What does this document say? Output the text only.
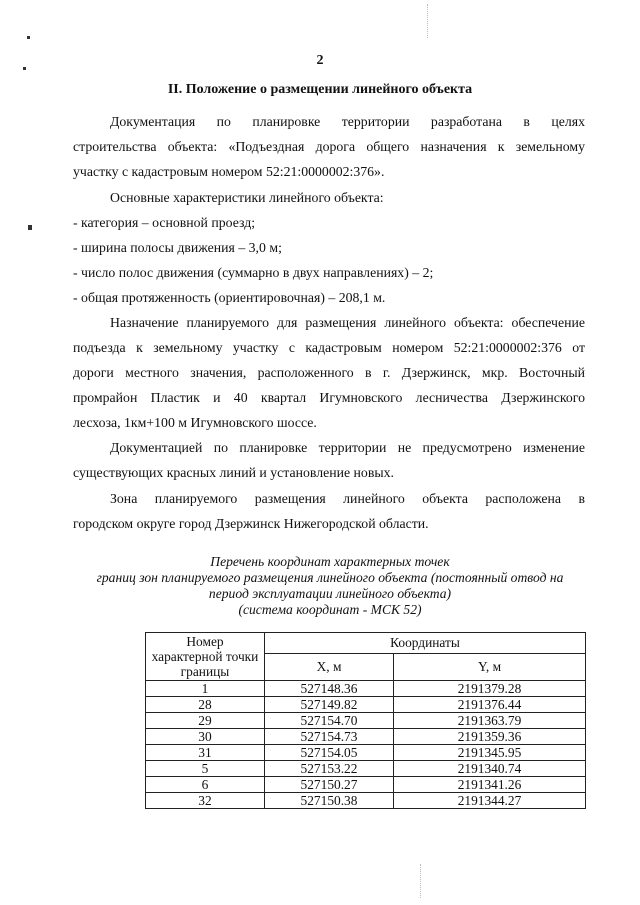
2
II. Положение о размещении линейного объекта
Документация по планировке территории разработана в целях
строительства объекта: «Подъездная дорога общего назначения к земельному
участку с кадастровым номером 52:21:0000002:376».
Основные характеристики линейного объекта:
- категория – основной проезд;
- ширина полосы движения – 3,0 м;
- число полос движения (суммарно в двух направлениях) – 2;
- общая протяженность (ориентировочная) – 208,1 м.
Назначение планируемого для размещения линейного объекта: обеспечение
подъезда к земельному участку с кадастровым номером 52:21:0000002:376 от
дороги местного значения, расположенного в г. Дзержинск, мкр. Восточный
промрайон Пластик и 40 квартал Игумновского лесничества Дзержинского
лесхоза, 1км+100 м Игумновского шоссе.
Документацией по планировке территории не предусмотрено изменение
существующих красных линий и установление новых.
Зона планируемого размещения линейного объекта расположена в
городском округе город Дзержинск Нижегородской области.
Перечень координат характерных точек
границ зон планируемого размещения линейного объекта (постоянный отвод на
период эксплуатации линейного объекта)
(система координат - МСК 52)
Номер характерной точки границы	Координаты	
	X, м	Y, м
1	527148.36	2191379.28
28	527149.82	2191376.44
29	527154.70	2191363.79
30	527154.73	2191359.36
31	527154.05	2191345.95
5	527153.22	2191340.74
6	527150.27	2191341.26
32	527150.38	2191344.27
